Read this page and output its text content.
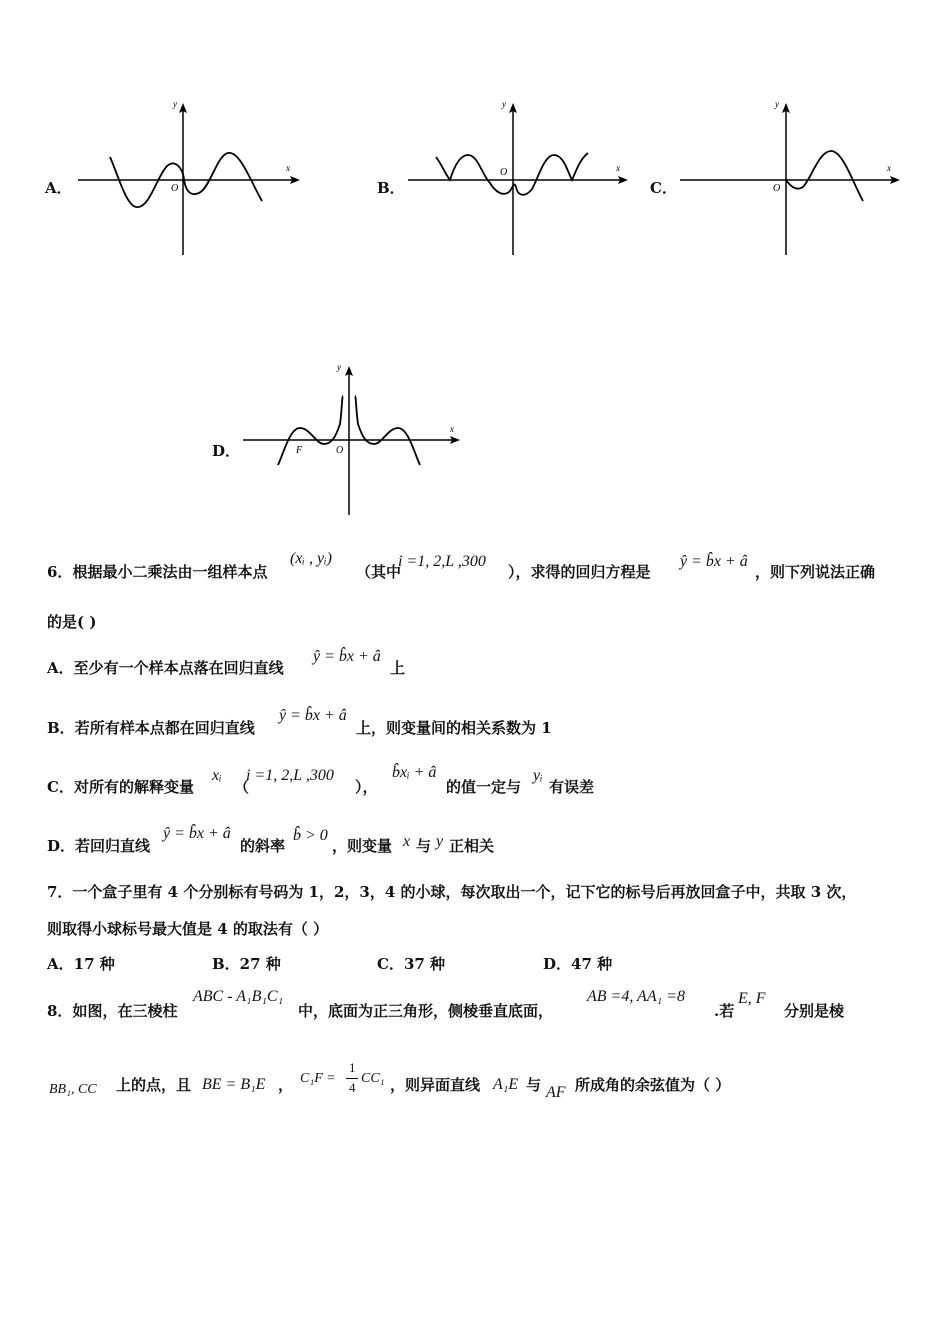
A．
y
x
O	B．
y
x
O
C．
y
x
O
D．
y
x
O
F
6．根据最小二乘法由一组样本点
(xᵢ , yᵢ)
（其中
i =1, 2,L ,300
），求得的回归方程是
ŷ = b̂x + â
，则下列说法正确
的是( )
A．至少有一个样本点落在回归直线
ŷ = b̂x + â
上
B．若所有样本点都在回归直线
ŷ = b̂x + â
上，则变量间的相关系数为 1
C．对所有的解释变量
xᵢ
（
i =1, 2,L ,300
），
b̂xᵢ + â
的值一定与
yᵢ
有误差
D．若回归直线
ŷ = b̂x + â
的斜率
b̂ > 0
，则变量 x 与 y 正相关
7．一个盒子里有 4 个分别标有号码为 1，2，3，4 的小球，每次取出一个，记下它的标号后再放回盒子中，共取 3 次，
则取得小球标号最大值是 4 的取法有（ ）
A．17 种	B．27 种	C．37 种	D．47 种
8．如图，在三棱柱
ABC - A₁B₁C₁
中，底面为正三角形，侧棱垂直底面，
AB =4, AA₁ =8
.若
E, F
分别是棱
BB₁, CC 上的点，且 BE = B₁E ， C₁F =
1
4
CC₁ ，则异面直线 A₁E 与 AF 所成角的余弦值为（ ）
